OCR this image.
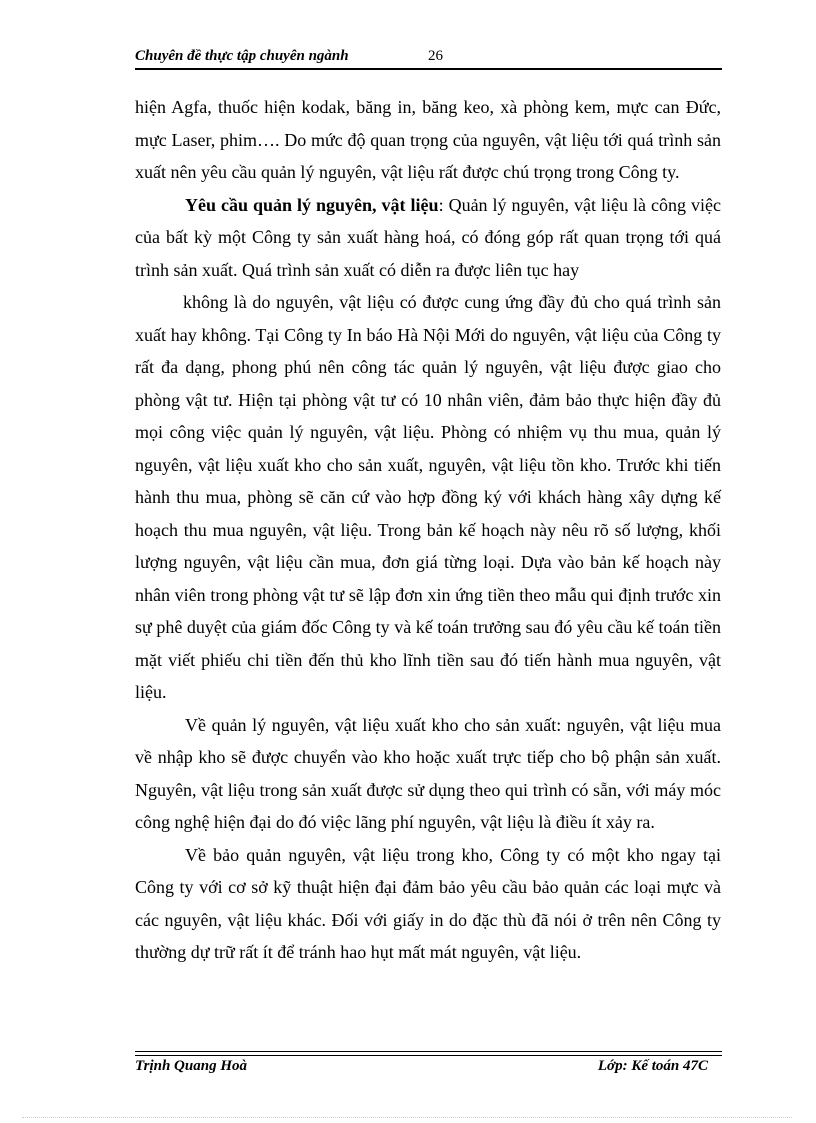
Chuyên đề thực tập chuyên ngành	26

hiện Agfa, thuốc hiện kodak, băng in, băng keo, xà phòng kem, mực can Đức, mực Laser, phim…. Do mức độ quan trọng của nguyên, vật liệu tới quá trình sản xuất nên yêu cầu quản lý nguyên, vật liệu rất được chú trọng trong Công ty.

Yêu cầu quản lý nguyên, vật liệu: Quản lý nguyên, vật liệu là công việc của bất kỳ một Công ty sản xuất hàng hoá, có đóng góp rất quan trọng tới quá trình sản xuất. Quá trình sản xuất có diễn ra được liên tục hay

không là do nguyên, vật liệu có được cung ứng đầy đủ cho quá trình sản xuất hay không. Tại Công ty In báo Hà Nội Mới do nguyên, vật liệu của Công ty rất đa dạng, phong phú nên công tác quản lý nguyên, vật liệu được giao cho phòng vật tư. Hiện tại phòng vật tư có 10 nhân viên, đảm bảo thực hiện đầy đủ mọi công việc quản lý nguyên, vật liệu. Phòng có nhiệm vụ thu mua, quản lý nguyên, vật liệu xuất kho cho sản xuất, nguyên, vật liệu tồn kho. Trước khi tiến hành thu mua, phòng sẽ căn cứ vào hợp đồng ký với khách hàng xây dựng kế hoạch thu mua nguyên, vật liệu. Trong bản kế hoạch này nêu rõ số lượng, khối lượng nguyên, vật liệu cần mua, đơn giá từng loại. Dựa vào bản kế hoạch này nhân viên trong phòng vật tư sẽ lập đơn xin ứng tiền theo mẫu qui định trước xin sự phê duyệt của giám đốc Công ty và kế toán trưởng sau đó yêu cầu kế toán tiền mặt viết phiếu chi tiền đến thủ kho lĩnh tiền sau đó tiến hành mua nguyên, vật liệu.

Về quản lý nguyên, vật liệu xuất kho cho sản xuất: nguyên, vật liệu mua về nhập kho sẽ được chuyển vào kho hoặc xuất trực tiếp cho bộ phận sản xuất. Nguyên, vật liệu trong sản xuất được sử dụng theo qui trình có sẵn, với máy móc công nghệ hiện đại do đó việc lãng phí nguyên, vật liệu là điều ít xảy ra.

Về bảo quản nguyên, vật liệu trong kho, Công ty có một kho ngay tại Công ty với cơ sở kỹ thuật hiện đại đảm bảo yêu cầu bảo quản các loại mực và các nguyên, vật liệu khác. Đối với giấy in do đặc thù đã nói ở trên nên Công ty thường dự trữ rất ít để tránh hao hụt mất mát nguyên, vật liệu.

Trịnh Quang Hoà	Lớp: Kế toán 47C
